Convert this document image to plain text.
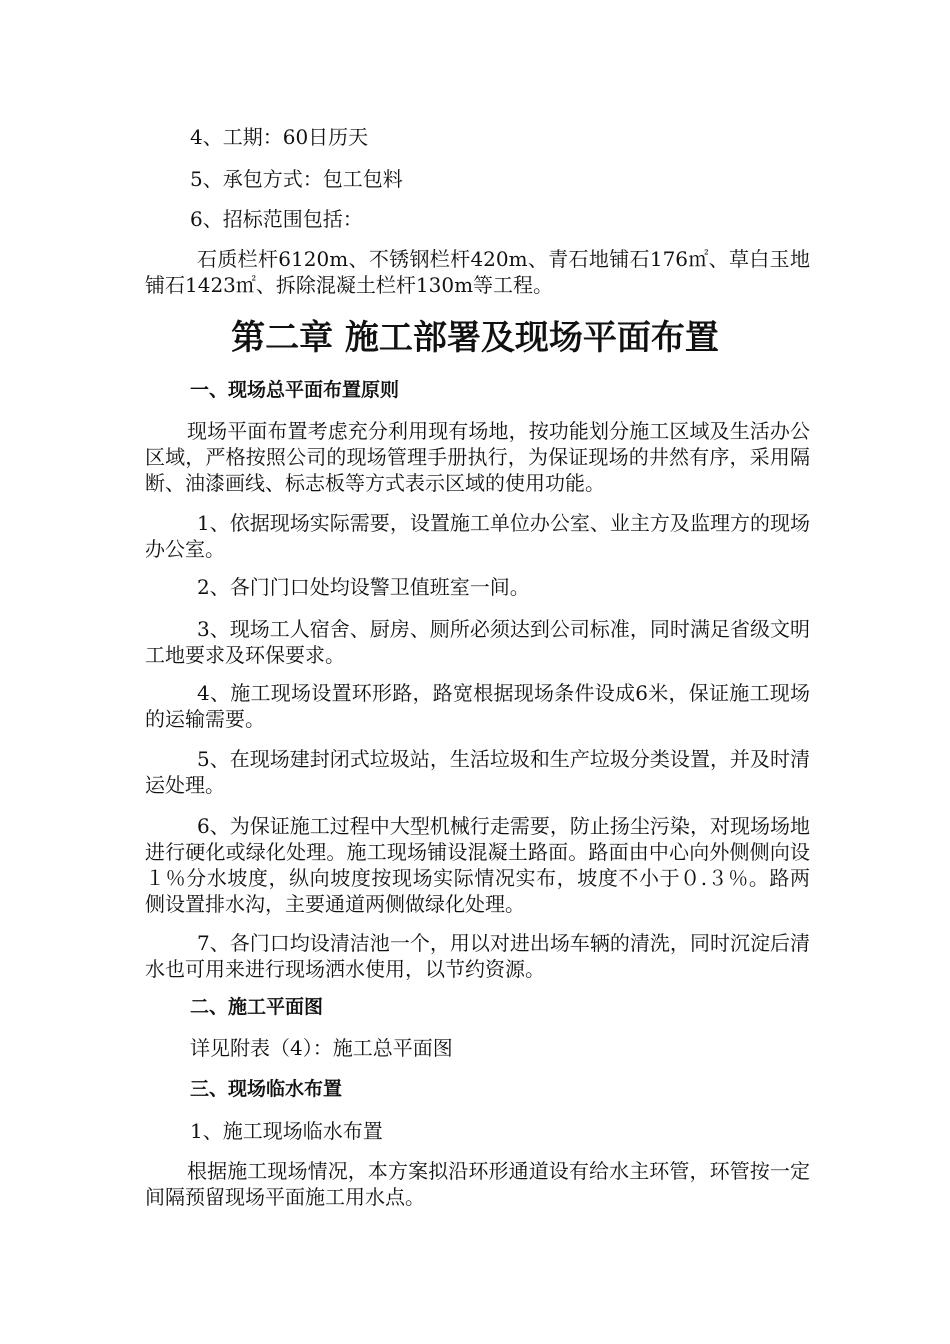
4、工期：60日历天
5、承包方式：包工包料
6、招标范围包括：
石质栏杆6120m、不锈钢栏杆420m、青石地铺石176㎡、草白玉地铺石1423㎡、拆除混凝土栏杆130m等工程。
第二章 施工部署及现场平面布置
一、现场总平面布置原则
现场平面布置考虑充分利用现有场地，按功能划分施工区域及生活办公区域，严格按照公司的现场管理手册执行，为保证现场的井然有序，采用隔断、油漆画线、标志板等方式表示区域的使用功能。
1、依据现场实际需要，设置施工单位办公室、业主方及监理方的现场办公室。
2、各门门口处均设警卫值班室一间。
3、现场工人宿舍、厨房、厕所必须达到公司标准，同时满足省级文明工地要求及环保要求。
4、施工现场设置环形路，路宽根据现场条件设成6米，保证施工现场的运输需要。
5、在现场建封闭式垃圾站，生活垃圾和生产垃圾分类设置，并及时清运处理。
6、为保证施工过程中大型机械行走需要，防止扬尘污染，对现场场地进行硬化或绿化处理。施工现场铺设混凝土路面。路面由中心向外侧侧向设１％分水坡度，纵向坡度按现场实际情况实布，坡度不小于０.３％。路两侧设置排水沟，主要通道两侧做绿化处理。
7、各门口均设清洁池一个，用以对进出场车辆的清洗，同时沉淀后清水也可用来进行现场洒水使用，以节约资源。
二、施工平面图
详见附表（4）：施工总平面图
三、现场临水布置
1、施工现场临水布置
根据施工现场情况，本方案拟沿环形通道设有给水主环管，环管按一定间隔预留现场平面施工用水点。
